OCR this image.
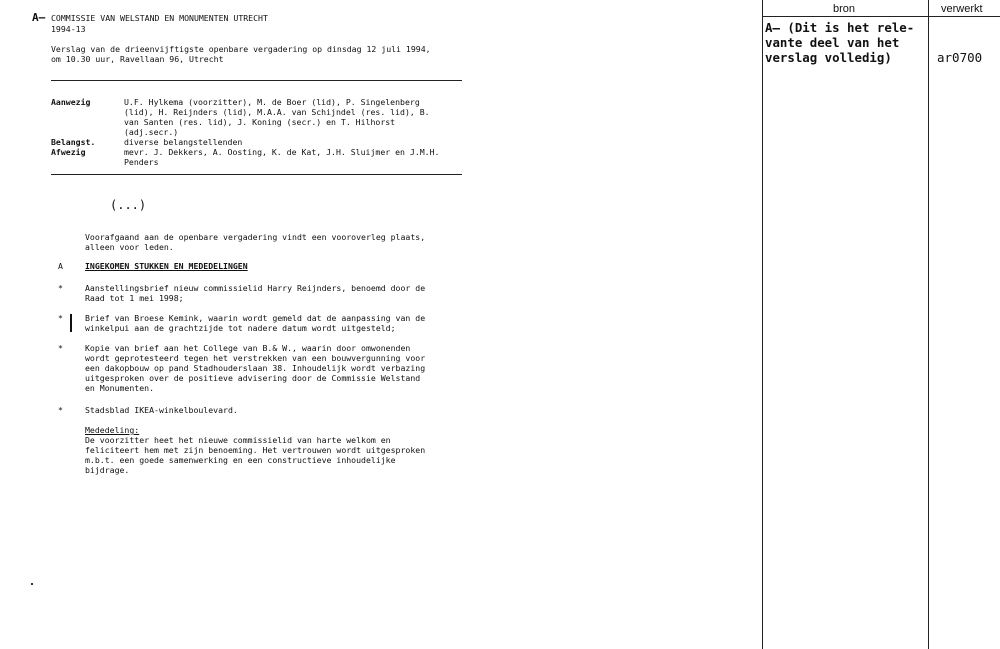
A— COMMISSIE VAN WELSTAND EN MONUMENTEN UTRECHT
1994-13
Verslag van de drieenvijftigste openbare vergadering op dinsdag 12 juli 1994,
om 10.30 uur, Ravellaan 96, Utrecht
Aanwezig	U.F. Hylkema (voorzitter), M. de Boer (lid), P. Singelenberg
(lid), H. Reijnders (lid), M.A.A. van Schijndel (res. lid), B.
van Santen (res. lid), J. Koning (secr.) en T. Hilhorst
(adj.secr.)
Belangst.	diverse belangstellenden
Afwezig	mevr. J. Dekkers, A. Oosting, K. de Kat, J.H. Sluijmer en J.M.H.
Penders
(...)
Voorafgaand aan de openbare vergadering vindt een vooroverleg plaats,
alleen voor leden.
A	INGEKOMEN STUKKEN EN MEDEDELINGEN
*	Aanstellingsbrief nieuw commissielid Harry Reijnders, benoemd door de
Raad tot 1 mei 1998;
*	Brief van Broese Kemink, waarin wordt gemeld dat de aanpassing van de
winkelpui aan de grachtzijde tot nadere datum wordt uitgesteld;
*	Kopie van brief aan het College van B.& W., waarin door omwonenden
wordt geprotesteerd tegen het verstrekken van een bouwvergunning voor
een dakopbouw op pand Stadhouderslaan 38. Inhoudelijk wordt verbazing
uitgesproken over de positieve advisering door de Commissie Welstand
en Monumenten.
*	Stadsblad IKEA-winkelboulevard.
Mededeling:
De voorzitter heet het nieuwe commissielid van harte welkom en
feliciteert hem met zijn benoeming. Het vertrouwen wordt uitgesproken
m.b.t. een goede samenwerking en een constructieve inhoudelijke
bijdrage.
bron	verwerkt
A— (Dit is het rele-
vante deel van het
verslag volledig)	ar0700
